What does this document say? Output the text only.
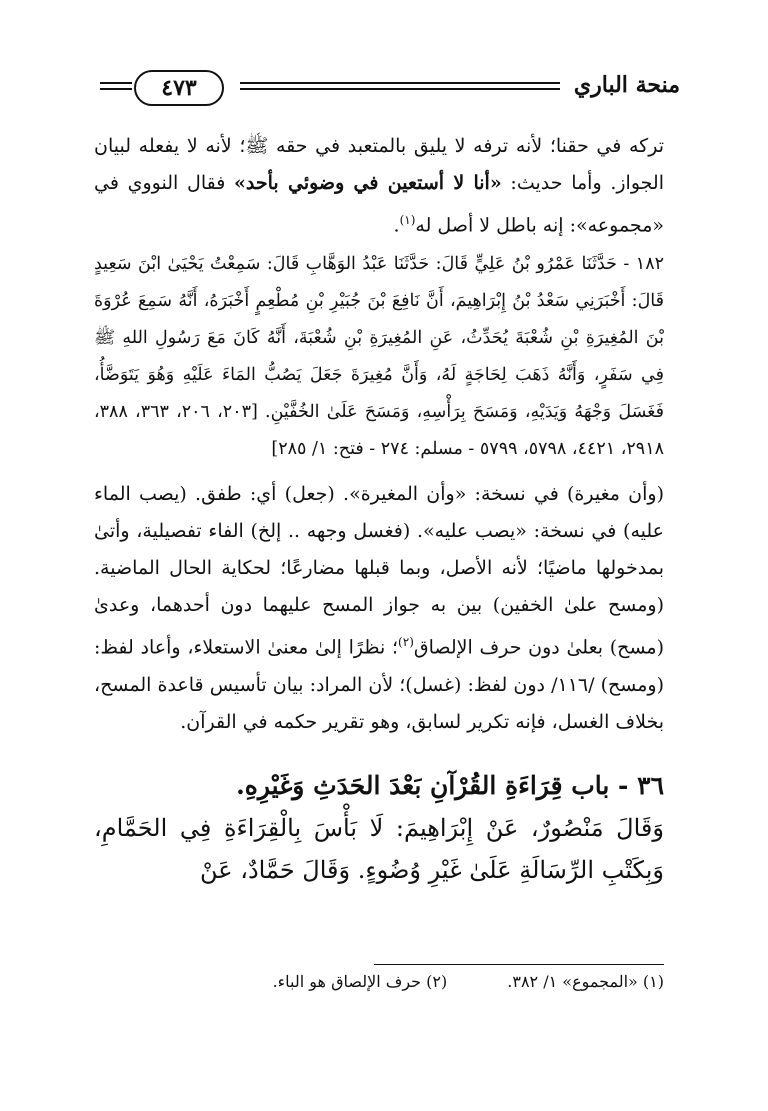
منحة الباري
٤٧٣

تركه في حقنا؛ لأنه ترفه لا يليق بالمتعبد في حقه ﷺ؛ لأنه لا يفعله لبيان الجواز. وأما حديث: «أنا لا أستعين في وضوئي بأحد» فقال النووي في «مجموعه»: إنه باطل لا أصل له$^{(١)}$.

١٨٢ - حَدَّثَنَا عَمْرُو بْنُ عَلِيٍّ قَالَ: حَدَّثَنَا عَبْدُ الوَهَّابِ قَالَ: سَمِعْتُ يَحْيَىٰ ابْنَ سَعِيدٍ قَالَ: أَخْبَرَنِي سَعْدُ بْنُ إِبْرَاهِيمَ، أَنَّ نَافِعَ بْنَ جُبَيْرِ بْنِ مُطْعِمٍ أَخْبَرَهُ، أَنَّهُ سَمِعَ عُرْوَةَ بْنَ المُغِيرَةِ بْنِ شُعْبَةَ يُحَدِّثُ، عَنِ المُغِيرَةِ بْنِ شُعْبَةَ، أَنَّهُ كَانَ مَعَ رَسُولِ اللهِ ﷺ فِي سَفَرٍ، وَأَنَّهُ ذَهَبَ لِحَاجَةٍ لَهُ، وَأَنَّ مُغِيرَةَ جَعَلَ يَصُبُّ المَاءَ عَلَيْهِ وَهُوَ يَتَوَضَّأُ، فَغَسَلَ وَجْهَهُ وَيَدَيْهِ، وَمَسَحَ بِرَأْسِهِ، وَمَسَحَ عَلَىٰ الخُفَّيْنِ. [٢٠٣، ٢٠٦، ٣٦٣، ٣٨٨، ٢٩١٨، ٤٤٢١، ٥٧٩٨، ٥٧٩٩ - مسلم: ٢٧٤ - فتح: ١/ ٢٨٥]

(وأن مغيرة) في نسخة: «وأن المغيرة». (جعل) أي: طفق. (يصب الماء عليه) في نسخة: «يصب عليه». (فغسل وجهه .. إلخ) الفاء تفصيلية، وأتىٰ بمدخولها ماضيًا؛ لأنه الأصل، وبما قبلها مضارعًا؛ لحكاية الحال الماضية. (ومسح علىٰ الخفين) بين به جواز المسح عليهما دون أحدهما، وعدىٰ (مسح) بعلىٰ دون حرف الإلصاق$^{(٢)}$؛ نظرًا إلىٰ معنىٰ الاستعلاء، وأعاد لفظ: (ومسح) /١١٦/ دون لفظ: (غسل)؛ لأن المراد: بيان تأسيس قاعدة المسح، بخلاف الغسل، فإنه تكرير لسابق، وهو تقرير حكمه في القرآن.

٣٦ - باب قِرَاءَةِ القُرْآنِ بَعْدَ الحَدَثِ وَغَيْرِهِ.

وَقَالَ مَنْصُورٌ، عَنْ إِبْرَاهِيمَ: لَا بَأْسَ بِالْقِرَاءَةِ فِي الحَمَّامِ، وَبِكَتْبِ الرِّسَالَةِ عَلَىٰ غَيْرِ وُضُوءٍ. وَقَالَ حَمَّادٌ، عَنْ

(١) «المجموع» ١/ ٣٨٢.
(٢) حرف الإلصاق هو الباء.
